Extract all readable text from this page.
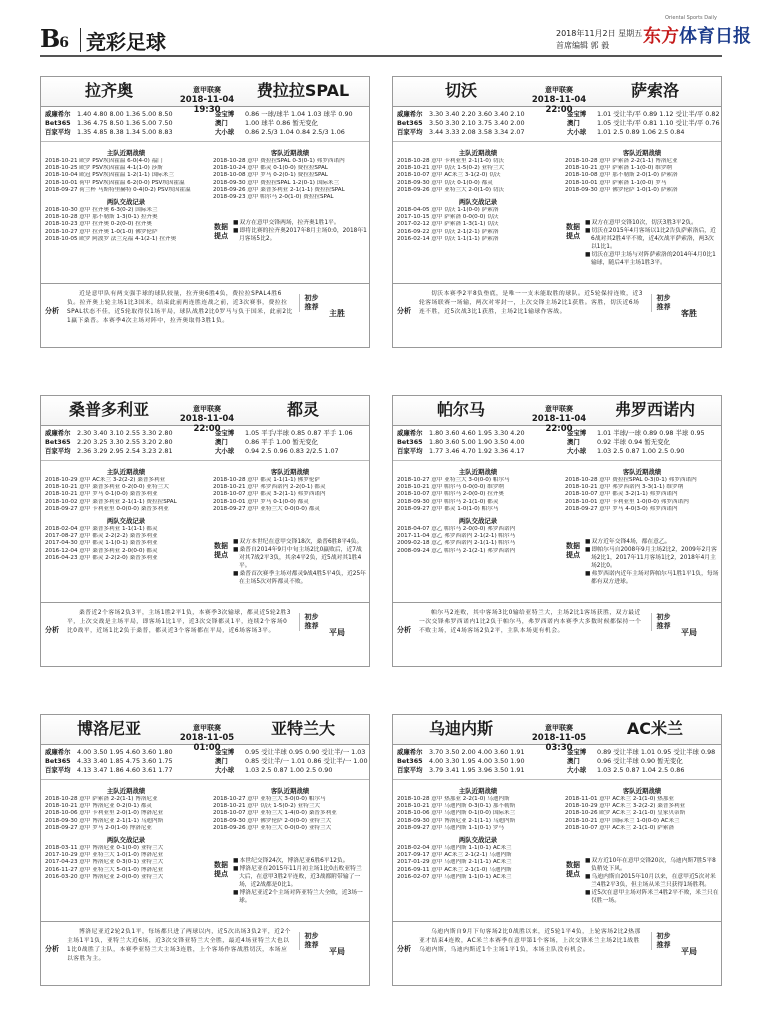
B6 竞彩足球	2018年11月2日 星期五
首席编辑 郭 毅
Oriental Sports Daily
东方体育日报
拉齐奥	意甲联赛
2018-11-04 19:30
费拉拉SPAL
威廉希尔 1.40 4.80 8.00 1.36 5.00 8.50
Bet365 1.36 4.75 8.50 1.36 5.00 7.50
百家平均 1.35 4.85 8.38 1.34 5.00 8.83
金宝博 0.86 一球/球半 1.04 1.03 球半 0.90
澳门	1.00 球半 0.86 暂无变化
大小球 0.86 2.5/3 1.04 0.84 2.5/3 1.06
主队近期战绩
2018-10-21 欧罗 PSV埃因霍温 6-0(4-0) 福门
2018-10-25 欧罗 PSV埃因霍温 4-1(1-0) 莎斯
2018-10-04 欧冠 PSV埃因霍温 1-2(1-1) 国际米兰
2018-10-01 荷甲 PSV埃因霍温 6-2(0-0) PSV埃因霍温
2018-09-27 荷兰杯 马斯特里赫特 0-4(0-2) PSV埃因霍温
两队交战记录
2018-10-30 意甲 拉齐奥 6-3(0-2) 国际米兰
2018-10-28 意甲 那不勒斯 1-3(0-1) 拉齐奥
2018-10-23 意甲 拉齐奥 0-2(0-0) 拉齐奥
2018-10-27 意甲 拉齐奥 1-0(1-0) 佛罗伦萨
2018-10-05 欧罗 阿波罗 法兰克福 4-1(2-1) 拉齐奥
客队近期战绩
2018-10-28 意甲 费拉拉SPAL 0-3(0-1) 弗罗西诺内
2018-10-24 意甲 都灵 0-1(0-0) 费拉拉SPAL
2018-10-08 意甲 罗马 0-2(0-1) 费拉拉SPAL
2018-09-30 意甲 费拉拉SPAL 1-2(0-1) 国际米兰
2018-09-26 意甲 桑普多利亚 2-1(1-1) 费拉拉SPAL
2018-09-23 意甲 帕尔马 2-0(1-0) 费拉拉SPAL
数据提点
■ 双方在意甲交锋两场，拉齐奥1胜1平。
■ 即将比赛的拉齐奥2017年8月主场0:0，2018年1月客场5比2。
分析
近是意甲队有两支强手球的球队较量，拉齐奥6胜4负，费拉拉SPAL4胜6负。拉齐奥上轮主场1比3国米，结束此前两连胜连战之前，近3次赛事，费拉拉SPAL状态不佳，近5轮取得仅1场平局，球队战胜2比0罗马与负于国米，此前2比1赢下桑普。本赛季4次主场对阵中，拉齐奥取得3胜1负。
初步推荐
主胜
切沃	意甲联赛
2018-11-04 22:00
萨索洛
威廉希尔 3.30 3.40 2.20 3.60 3.40 2.10
Bet365 3.50 3.30 2.10 3.75 3.40 2.00
百家平均 3.44 3.33 2.08 3.58 3.34 2.07
金宝博 1.01 受让半/平 0.89 1.12 受让半/平 0.82
澳门	1.05 受让半/平 0.81 1.10 受让半/平 0.76
大小球 1.01 2.5 0.89 1.06 2.5 0.84
主队近期战绩
2018-10-28 意甲 卡利亚里 2-1(1-0) 切沃
2018-10-21 意甲 切沃 1-5(0-2) 亚特兰大
2018-10-07 意甲 AC米兰 3-1(2-0) 切沃
2018-09-30 意甲 切沃 0-1(0-0) 都灵
2018-09-26 意甲 亚特兰大 2-0(1-0) 切沃
两队交战记录
2018-04-05 意甲 切沃 1-1(0-0) 萨索洛
2017-10-15 意甲 萨索洛 0-0(0-0) 切沃
2017-02-12 意甲 萨索洛 1-3(1-1) 切沃
2016-09-22 意甲 切沃 2-1(2-1) 萨索洛
2016-02-14 意甲 切沃 1-1(1-1) 萨索洛
客队近期战绩
2018-10-28 意甲 萨索洛 2-2(1-1) 博洛尼亚
2018-10-21 意甲 萨索洛 1-1(0-0) 维罗纳
2018-10-08 意甲 那不勒斯 2-0(1-0) 萨索洛
2018-10-01 意甲 萨索洛 1-1(0-0) 罗马
2018-09-30 意甲 佛罗伦萨 1-0(1-0) 萨索洛
数据提点
■ 双方在意甲交锋10次，切沃3胜3平2负。
■ 切沃在2015年4月客场以1比2告负萨索洛后，近6战对其2胜4平不败，近4次战平萨索洛，两3次以1比1。
■ 切沃在意甲主场与对阵萨索洛的2014年4月0比1输球，随后4平主场1胜3平。
分析
切沃本赛季2平8负垫底，是唯一一支未能取胜的球队。近5轮保持连败，近3轮客场联赛一场输，两次对零封一，上次交锋主场2比1获胜。客胜，切沃近6场连不胜，近5次战3比1获胜，主场2比1输球作客战。
初步推荐
客胜
桑普多利亚	意甲联赛
2018-11-04 22:00
都灵
威廉希尔 2.30 3.40 3.10 2.55 3.30 2.80
Bet365 2.20 3.25 3.30 2.55 3.20 2.80
百家平均 2.36 3.29 2.95 2.54 3.23 2.81
金宝博 1.05 平手/半球 0.85 0.87 平手 1.06
澳门	0.86 平手 1.00 暂无变化
大小球 0.94 2.5 0.96 0.83 2/2.5 1.07
主队近期战绩
2018-10-29 意甲 AC米兰 3-2(2-2) 桑普多利亚
2018-10-21 意甲 桑普多利亚 0-2(0-0) 亚特兰大
2018-10-21 意甲 罗马 0-1(0-0) 桑普多利亚
2018-10-02 意甲 桑普多利亚 2-1(1-1) 费拉拉SPAL
2018-09-27 意甲 卡利亚里 0-0(0-0) 桑普多利亚
两队交战记录
2018-02-04 意甲 桑普多利亚 1-1(1-1) 都灵
2017-08-27 意甲 都灵 2-2(2-2) 桑普多利亚
2017-04-30 意甲 都灵 1-1(0-1) 桑普多利亚
2016-12-04 意甲 桑普多利亚 2-0(0-0) 都灵
2016-04-23 意甲 都灵 2-2(2-0) 桑普多利亚
客队近期战绩
2018-10-28 意甲 都灵 1-1(1-1) 佛罗伦萨
2018-10-21 意甲 弗罗西诺内 2-2(0-1) 都灵
2018-10-07 意甲 都灵 3-2(1-1) 弗罗西诺内
2018-10-01 意甲 罗马 0-1(0-0) 都灵
2018-09-27 意甲 亚特兰大 0-0(0-0) 都灵
数据提点
■ 双方本世纪在意甲交锋18次，桑普6胜8平4负。
■ 桑普自2014年9月中旬主场2比0赢败后，近7战对其7战2平3负，其余4平2负，近5战对其1胜4平。
■ 桑普首次赛季主场对都灵9战4胜5平4负，近25年在主场5次对阵都灵不败。
分析
桑普近2个客场2负3平，主场1胜2平1负，本赛季3次输球，都灵近5轮2胜3平，上次交战是主场平局，即客场1比1平，近3次交锋都灵1平，连续2个客场0比0战平，近场1比2负于桑普，都灵近3个客场都在平局，近6场客场3平。
初步推荐
平局
帕尔马	意甲联赛
2018-11-04 22:00
弗罗西诺内
威廉希尔 1.80 3.60 4.60 1.95 3.30 4.20
Bet365 1.80 3.60 5.00 1.90 3.50 4.00
百家平均 1.77 3.46 4.70 1.92 3.36 4.17
金宝博 1.01 半球/一球 0.89 0.98 半球 0.95
澳门	0.92 半球 0.94 暂无变化
大小球 1.03 2.5 0.87 1.00 2.5 0.90
主队近期战绩
2018-10-27 意甲 亚特兰大 3-0(0-0) 帕尔马
2018-10-21 意甲 帕尔马 0-0(0-0) 维罗纳
2018-10-07 意甲 帕尔马 2-0(0-0) 拉齐奥
2018-09-30 意甲 帕尔马 2-1(1-0) 都灵
2018-09-27 意甲 都灵 1-0(1-0) 帕尔马
两队交战记录
2018-04-07 意乙 帕尔马 2-0(0-0) 弗罗西诺内
2017-11-04 意乙 弗罗西诺内 2-1(2-1) 帕尔马
2009-02-18 意乙 弗罗西诺内 2-1(1-1) 帕尔马
2008-09-24 意乙 帕尔马 2-1(2-1) 弗罗西诺内
客队近期战绩
2018-10-28 意甲 费拉拉SPAL 0-3(0-1) 弗罗西诺内
2018-10-21 意甲 弗罗西诺内 3-3(1-1) 维罗纳
2018-10-07 意甲 都灵 3-2(1-1) 弗罗西诺内
2018-10-01 意甲 卡利亚里 1-0(0-0) 弗罗西诺内
2018-09-27 意甲 罗马 4-0(3-0) 弗罗西诺内
数据提点
■ 双方近年交锋4场，都在意乙。
■ 即帕尔马自2008年9月主场2比2，2009年2月客场2比1，2017年11月客场1比2，2018年4月主场2比0。
■ 弗罗西诺内近年主场对阵帕尔马1胜1平1负，每场都有双方进球。
分析
帕尔马2连败，其中客场3比0输给亚特兰大，主场2比1客场获胜，双方最近一次交锋弗罗西诺内1比2负于帕尔马，弗罗西诺内本赛季大多数时候都保持一个不败主场，近4场客场2负2平，主队本场更有机会。
初步推荐
平局
博洛尼亚	意甲联赛
2018-11-05 01:00
亚特兰大
威廉希尔 4.00 3.50 1.95 4.60 3.60 1.80
Bet365 4.33 3.40 1.85 4.75 3.60 1.75
百家平均 4.13 3.47 1.86 4.60 3.61 1.77
金宝博 0.95 受让半球 0.95 0.90 受让半/一 1.03
澳门	0.85 受让半/一 1.01 0.86 受让半/一 1.00
大小球 1.03 2.5 0.87 1.00 2.5 0.90
主队近期战绩
2018-10-28 意甲 萨索洛 2-2(1-1) 博洛尼亚
2018-10-21 意甲 博洛尼亚 0-2(0-1) 都灵
2018-10-06 意甲 卡利亚里 2-0(1-0) 博洛尼亚
2018-09-30 意甲 博洛尼亚 2-1(1-1) 乌迪内斯
2018-09-27 意甲 罗马 2-0(1-0) 博洛尼亚
两队交战记录
2018-03-11 意甲 博洛尼亚 0-1(0-0) 亚特兰大
2017-10-29 意甲 亚特兰大 1-0(1-0) 博洛尼亚
2017-04-23 意甲 博洛尼亚 0-3(0-1) 亚特兰大
2016-11-27 意甲 亚特兰大 5-0(1-0) 博洛尼亚
2016-03-20 意甲 博洛尼亚 2-0(0-0) 亚特兰大
客队近期战绩
2018-10-27 意甲 亚特兰大 3-0(0-0) 帕尔马
2018-10-21 意甲 切沃 1-5(0-2) 亚特兰大
2018-10-07 意甲 亚特兰大 1-4(0-0) 桑普多利亚
2018-09-30 意甲 佛罗伦萨 2-0(0-0) 亚特兰大
2018-09-26 意甲 亚特兰大 0-0(0-0) 亚特兰大
数据提点
■ 本世纪交锋24次，博洛尼亚6胜6平12负。
■ 博洛尼亚在2015年11月初主场1比0击败亚特兰大后，在意甲3胜2平连败，近3战都附带输了一场，近2战都是0比1。
■ 博洛尼亚近2个主场对阵亚特兰大全败，近3场一球。
分析
博洛尼亚近2轮2负1平，每场都只进了两球以内，近5次出场3负2平，近2个主场1平1负，亚特兰大近6场，近3次交锋亚特兰大全胜，最近4场亚特兰大也以1比0战胜了主队，本赛季亚特兰大主场3连胜，上个客场作客战胜切沃，本场应以客胜为主。
初步推荐
平局
乌迪内斯	意甲联赛
2018-11-05 03:30
AC米兰
威廉希尔 3.70 3.50 2.00 4.00 3.60 1.91
Bet365 4.00 3.30 1.95 4.00 3.50 1.90
百家平均 3.79 3.41 1.95 3.96 3.50 1.91
金宝博 0.89 受让半球 1.01 0.95 受让半球 0.98
澳门	0.96 受让半球 0.90 暂无变化
大小球 1.03 2.5 0.87 1.04 2.5 0.86
主队近期战绩
2018-10-28 意甲 热那亚 2-2(1-0) 乌迪内斯
2018-10-21 意甲 乌迪内斯 0-3(0-1) 那不勒斯
2018-10-06 意甲 乌迪内斯 0-1(0-0) 国际米兰
2018-09-30 意甲 博洛尼亚 2-1(1-1) 乌迪内斯
2018-09-27 意甲 乌迪内斯 1-1(0-1) 罗马
两队交战记录
2018-02-04 意甲 乌迪内斯 1-1(0-1) AC米兰
2017-09-17 意甲 AC米兰 2-1(2-1) 乌迪内斯
2017-01-29 意甲 乌迪内斯 2-1(1-1) AC米兰
2016-09-11 意甲 AC米兰 2-1(1-0) 乌迪内斯
2016-02-07 意甲 乌迪内斯 1-1(0-1) AC米兰
客队近期战绩
2018-11-01 意甲 AC米兰 2-1(1-0) 热那亚
2018-10-29 意甲 AC米兰 3-2(2-2) 桑普多利亚
2018-10-26 欧罗 AC米兰 2-1(1-0) 皇家贝蒂斯
2018-10-21 意甲 国际米兰 1-0(0-0) AC米兰
2018-10-07 意甲 AC米兰 2-1(1-0) 萨索洛
数据提点
■ 双方近10年在意甲交锋20次，乌迪内斯7胜5平8负稍处下风。
■ 乌迪内斯自2015年10月以来，在意甲近5次对米兰4胜2平3负，但主场从米兰只获得1场胜利。
■ 近5次在意甲主场对阵米兰4胜2平不败，米兰只在仅胜一场。
分析
乌迪内斯自9月下旬客场2比0战胜以来，近5轮1平4负，上轮客场2比2热那亚才结束4连败，AC米兰本赛季在意甲第1个客场，上次交锋米兰主场2比1战胜乌迪内斯，乌迪内斯近1个主场1平1负，本场主队没有机会。
初步推荐
平局
